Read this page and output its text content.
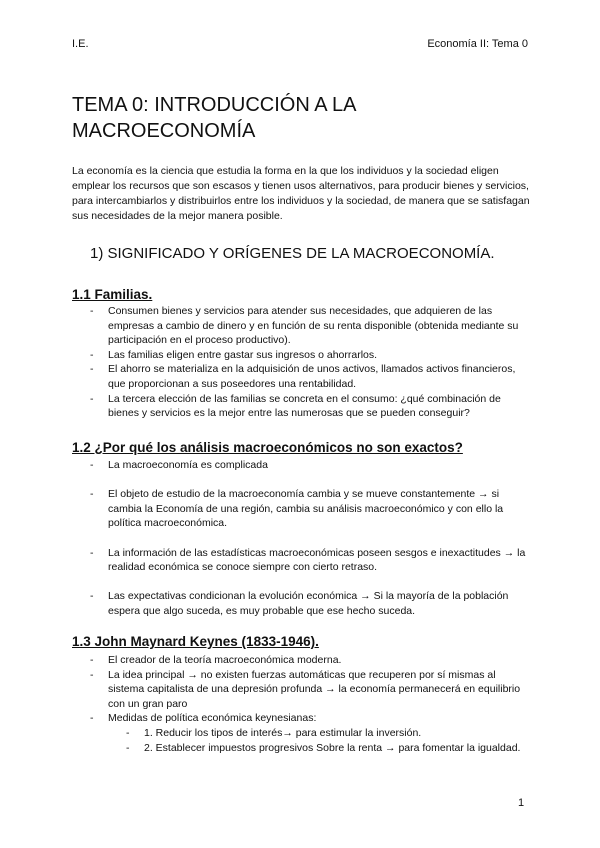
I.E.	Economía II: Tema 0
TEMA 0: INTRODUCCIÓN A LA
MACROECONOMÍA

La economía es la ciencia que estudia la forma en la que los individuos y la sociedad eligen emplear los recursos que son escasos y tienen usos alternativos, para producir bienes y servicios, para intercambiarlos y distribuirlos entre los individuos y la sociedad, de manera que se satisfagan sus necesidades de la mejor manera posible.

1) SIGNIFICADO Y ORÍGENES DE LA MACROECONOMÍA.
1.1 Familias.
- Consumen bienes y servicios para atender sus necesidades, que adquieren de las empresas a cambio de dinero y en función de su renta disponible (obtenida mediante su participación en el proceso productivo).
- Las familias eligen entre gastar sus ingresos o ahorrarlos.
- El ahorro se materializa en la adquisición de unos activos, llamados activos financieros, que proporcionan a sus poseedores una rentabilidad.
- La tercera elección de las familias se concreta en el consumo: ¿qué combinación de bienes y servicios es la mejor entre las numerosas que se pueden conseguir?
1.2 ¿Por qué los análisis macroeconómicos no son exactos?
- La macroeconomía es complicada
- El objeto de estudio de la macroeconomía cambia y se mueve constantemente → si cambia la Economía de una región, cambia su análisis macroeconómico y con ello la política macroeconómica.
- La información de las estadísticas macroeconómicas poseen sesgos e inexactitudes → la realidad económica se conoce siempre con cierto retraso.
- Las expectativas condicionan la evolución económica → Si la mayoría de la población espera que algo suceda, es muy probable que ese hecho suceda.
1.3 John Maynard Keynes (1833-1946).
- El creador de la teoría macroeconómica moderna.
- La idea principal → no existen fuerzas automáticas que recuperen por sí mismas al sistema capitalista de una depresión profunda → la economía permanecerá en equilibrio con un gran paro
- Medidas de política económica keynesianas:
- 1. Reducir los tipos de interés→ para estimular la inversión.
- 2. Establecer impuestos progresivos Sobre la renta → para fomentar la igualdad.
1
